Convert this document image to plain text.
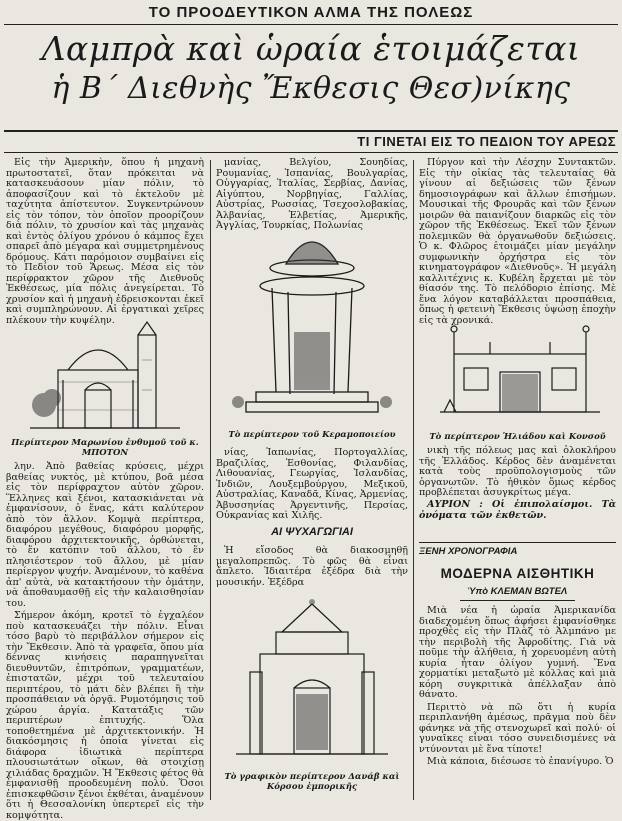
ΤΟ ΠΡΟΟΔΕΥΤΙΚΟΝ ΑΛΜΑ ΤΗΣ ΠΟΛΕΩΣ
Λαμπρὰ καὶ ὡραία ἑτοιμάζεται
ἡ Β΄ Διεθνὴς Ἔκθεσις Θεσ)νίκης
ΤΙ ΓΙΝΕΤΑΙ ΕΙΣ ΤΟ ΠΕΔΙΟΝ ΤΟΥ ΑΡΕΩΣ

Εἰς τὴν Ἀμερικὴν, ὅπου ἡ μηχανὴ πρωτοστατεῖ, ὅταν πρόκειται νὰ κατασκευάσουν μίαν πόλιν, τὸ ἀποφασίζουν καὶ τὸ ἐκτελοῦν μὲ ταχύτητα ἀπίστευτον. Συγκεντρώνουν εἰς τὸν τόπον, τὸν ὁποῖον προορίζουν διὰ πόλιν, τὸ χρυσίον καὶ τὰς μηχανὰς καὶ ἐντὸς ὀλίγου χρόνου ὁ κάμπος ἔχει σπαρεῖ ἀπὸ μέγαρα καὶ συμμετρημένους δρόμους. Κάτι παρόμοιον συμβαίνει εἰς τὸ Πεδίον τοῦ Ἄρεως. Μέσα εἰς τὸν περίφρακτον χῶρον τῆς Διεθνοῦς Ἐκθέσεως, μία πόλις ἀνεγείρεται. Τὸ χρυσίον καὶ ἡ μηχανὴ ἐδρεισκονται ἐκεῖ καὶ συμπληρώνουν. Αἱ ἐργατικαὶ χεῖρες πλέκουν τὴν κυψέλην.

Περίπτερον Μαρωνίου ἐνθυμοῦ τοῦ κ. ΜΠΟΤΟΝ

λην. Ἀπὸ βαθείας κρύσεις, μέχρι βαθείας νυκτὸς, μὲ κτύπου, βοᾶ μέσα εἰς τὸν περίφραχτον αὐτὸν χῶρον. Ἕλληνες καὶ ξένοι, κατασκιάνεται νὰ ἐμφανίσουν, ὁ ἕνας, κάτι καλύτερον ἀπὸ τὸν ἄλλον. Κομψὰ περίπτερα, διαφόρου μεγέθους, διαφόρου μορφῆς, διαφόρου ἀρχιτεκτονικῆς, ὀρθώνεται, τὸ ἕν κατόπιν τοῦ ἄλλου, τὸ ἕν πλησιέστερον τοῦ ἄλλου, μὲ μίαν περίεργον ψυχήν. Ἀναμένουν, τὸ καθένα ἀπ' αὐτὰ, νὰ κατακτήσουν τὴν ὁμάτην, νὰ ἀποθαυμασθῇ εἰς τὴν καλαισθησίαν του.

Σήμερον ἀκόμη, κροτεῖ τὸ ἐγχαλέον ποὺ κατασκευάζει τὴν πόλιν. Εἶναι τόσο βαρὺ τὸ περιβάλλον σήμερον εἰς τὴν Ἔκθεσιν. Ἀπὸ τὰ γραφεῖα, ὅπου μία δέννας κινήσεις παραπηγνεῖται διευθυντῶν, ἐπιτρόπων, γραμματέων, ἐπιστατῶν, μέχρι τοῦ τελευταίου περιπτέρου, τὸ μάτι δὲν βλέπει ἢ τὴν προσπάθειαν νὰ ὀργᾷ. Ρυμοτόμησις τοῦ χώρου ἀργία. Κατατάξις τῶν περιπτέρων ἐπιτυχής. Ὅλα τοποθετημένα μὲ ἀρχιτεκτονικήν. Ἡ διακόσμησις ἡ ὁποία γίνεται εἰς διάφορα ἰδιωτικὰ περίπτερα πλουσιωτάτων οἴκων, θὰ στοιχίσῃ χιλιάδας δραχμῶν. Ἡ Ἔκθεσις φέτος θὰ ἐμφανισθῇ προοδευμένη πολύ. Ὅσοι ἐπισκεφθῶσιν ξένοι ἐκθέται, ἀναμένουν ὅτι ἡ Θεσσαλονίκη ὑπερτερεῖ εἰς τὴν κομψότητα.

μανίας, Βελγίου, Σουηδίας, Ρουμανίας, Ἰσπανίας, Βουλγαρίας, Οὐγγαρίας, Ἰταλίας, Σερβίας, Δανίας, Αἰγύπτου, Νορβηγίας, Γαλλίας, Αὐστρίας, Ρωσσίας, Τσεχοσλοβακίας, Ἀλβανίας, Ἑλβετίας, Ἀμερικῆς, Ἀγγλίας, Τουρκίας, Πολωνίας

Τὸ περίπτερον τοῦ Κεραμοποιείου

νίας, Ἰαπωνίας, Πορτογαλλίας, Βραζιλίας, Ἐσθονίας, Φιλανδίας, Λιθουανίας, Γεωργίας, Ἰσλανδίας, Ἰνδιῶν, Λουξεμβούργου, Μεξικοῦ, Αὐστραλίας, Καναδᾶ, Κίνας, Ἀρμενίας, Ἀβυσσηνίας Ἀργεντινῆς, Περσίας, Οὐκρανίας καὶ Χιλῆς.

ΑΙ ΨΥΧΑΓΩΓΙΑΙ

Ἡ εἴσοδος θὰ διακοσμηθῇ μεγαλοπρεπῶς. Τὸ φῶς θὰ εἶναι ἄπλετο. Ἰδιαιτέρα ἐξέδρα διὰ τὴν μουσικήν. Ἐξέδρα

Τὸ γραφικὸν περίπτερον Δανάβ καὶ Κόρσου ἐμπορικῆς

Πύργον καὶ τὴν Λέσχην Συντακτῶν. Εἰς τὴν οἰκίας τὰς τελευταίας θὰ γίνουν αἱ δεξιώσεις τῶν ξένων δημοσιογράφων καὶ ἄλλων ἐπισήμων. Μουσικαὶ τῆς Φρουρᾶς καὶ τῶν ξένων μοιρῶν θὰ παιανίζουν διαρκῶς εἰς τὸν χῶρον τῆς Ἐκθέσεως. Ἐκεῖ τῶν ξένων πολεμικῶν θὰ ὀργανωθοῦν δεξιώσεις. Ὁ κ. Φλῶρος ἑτοιμάζει μίαν μεγάλην συμφωνικὴν ὀρχήστρα εἰς τὸν κινηματογράφον «Διεθνοῦς». Ἡ μεγάλη καλλιτέχνις κ. Κυβέλη ἔρχεται μὲ τὸν θίασόν της. Τὸ πελόδοριο ἐπίσης. Μὲ ἕνα λόγον καταβάλλεται προσπάθεια, ὅπως ἡ φετεινὴ Ἔκθεσις ὑψώσῃ ἐποχὴν εἰς τὰ χρονικά.

Τὸ περίπτερον Ἡλιάδου καὶ Κονσοῦ

νικὴ τῆς πόλεως μας καὶ ὁλοκλήρου τῆς Ἑλλάδος. Κέρδος δὲν ἀναμένεται κατὰ τοὺς προϋπολογισμοὺς τῶν ὀργανωτῶν. Τὸ ἠθικὸν ὅμως κέρδος προβλέπεται ἀσυγκρίτως μέγα.

ΑΥΡΙΟΝ : Οἱ ἐπιπολαίσμοι. Τὰ ὀνόματα τῶν ἐκθετῶν.

ΞΕΝΗ ΧΡΟΝΟΓΡΑΦΙΑ
ΜΟΔΕΡΝΑ ΑΙΣΘΗΤΙΚΗ
Ὑπὸ ΚΛΕΜΑΝ ΒΩΤΕΛ

Μιὰ νέα ἡ ὡραία Ἀμερικανίδα διαδεχομένη ὅπως ἀφήσει ἐμφανίσθηκε προχθὲς εἰς τὴν Πλὰζ τὸ Ἀλμπάνο με τὴν περιβολὴ τῆς Ἀφροδίτης. Γιὰ νὰ ποῦμε τὴν ἀλήθεια, ἡ χορευομένη αὐτὴ κυρία ἦταν ὀλίγον γυμνή. Ἕνα χορματίκι μεταξωτὸ μὲ κόλλας καὶ μιὰ κόρη συγκριτικὰ ἀπέλλαξαν ἀπὸ θάνατο.

Περιττὸ νὰ πῶ ὅτι ἡ κυρία περιπλανήθη ἀμέσως, πρᾶγμα ποὺ δὲν φάνηκε νὰ τῆς στενοχωρεῖ καὶ πολύ· οἱ γυναῖκες εἶναι τόσο συνειδισμένες νὰ ντύνονται μὲ ἕνα τίποτε!

Μιὰ κάποια, διέσωσε τὸ ἐπανίγυρο. Ὁ
